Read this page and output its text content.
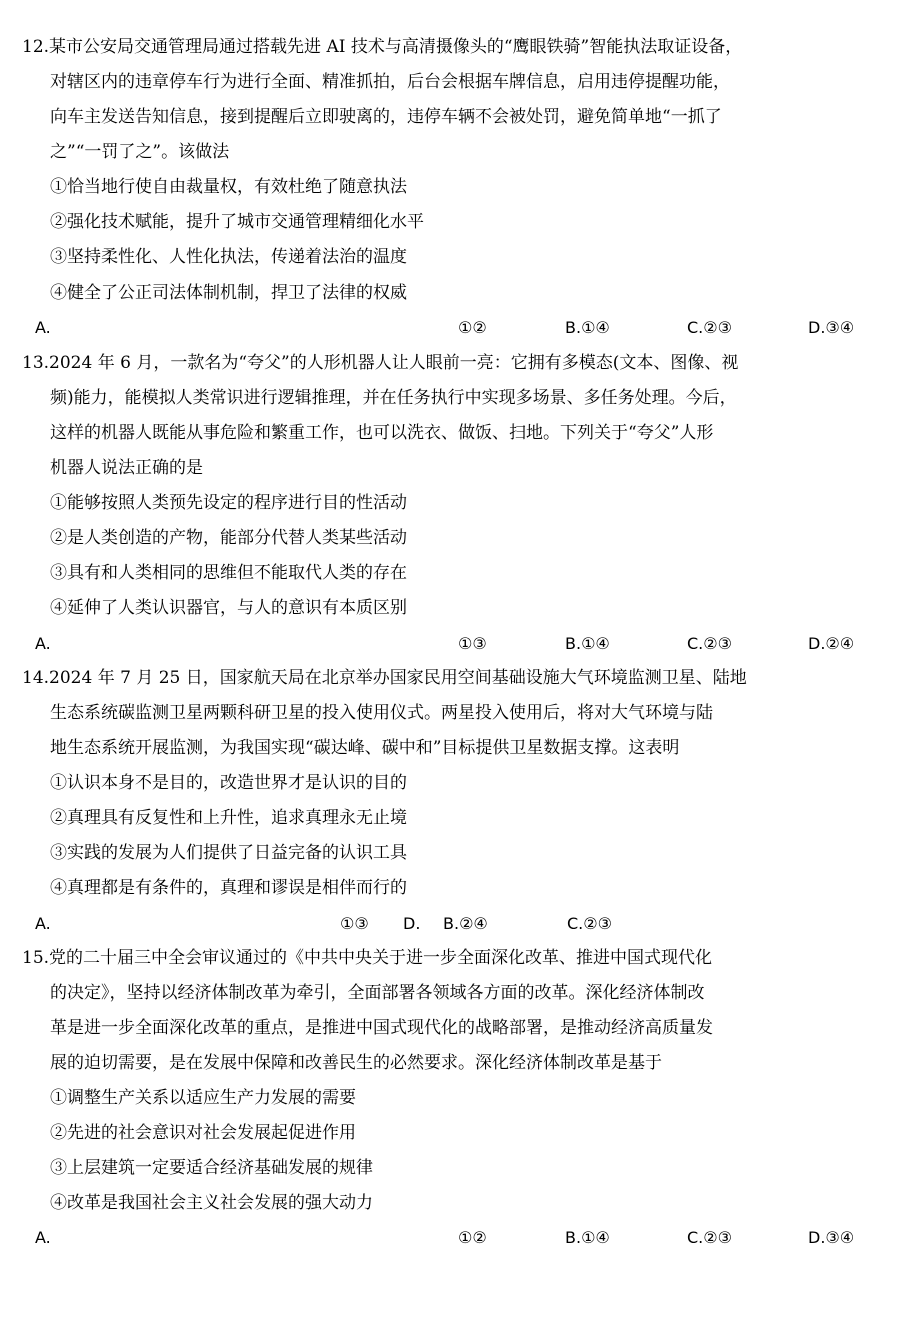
12.某市公安局交通管理局通过搭载先进 AI 技术与高清摄像头的“鹰眼铁骑”智能执法取证设备，
对辖区内的违章停车行为进行全面、精准抓拍，后台会根据车牌信息，启用违停提醒功能，
向车主发送告知信息，接到提醒后立即驶离的，违停车辆不会被处罚，避免简单地“一抓了
之”“一罚了之”。该做法
①恰当地行使自由裁量权，有效杜绝了随意执法
②强化技术赋能，提升了城市交通管理精细化水平
③坚持柔性化、人性化执法，传递着法治的温度
④健全了公正司法体制机制，捍卫了法律的权威
A.	①②	B.①④	C.②③	D.③④
13.2024 年 6 月，一款名为“夸父”的人形机器人让人眼前一亮：它拥有多模态(文本、图像、视
频)能力，能模拟人类常识进行逻辑推理，并在任务执行中实现多场景、多任务处理。今后，
这样的机器人既能从事危险和繁重工作，也可以洗衣、做饭、扫地。下列关于“夸父”人形
机器人说法正确的是
①能够按照人类预先设定的程序进行目的性活动
②是人类创造的产物，能部分代替人类某些活动
③具有和人类相同的思维但不能取代人类的存在
④延伸了人类认识器官，与人的意识有本质区别
A.	①③	B.①④	C.②③	D.②④
14.2024 年 7 月 25 日，国家航天局在北京举办国家民用空间基础设施大气环境监测卫星、陆地
生态系统碳监测卫星两颗科研卫星的投入使用仪式。两星投入使用后，将对大气环境与陆
地生态系统开展监测，为我国实现“碳达峰、碳中和”目标提供卫星数据支撑。这表明
①认识本身不是目的，改造世界才是认识的目的
②真理具有反复性和上升性，追求真理永无止境
③实践的发展为人们提供了日益完备的认识工具
④真理都是有条件的，真理和谬误是相伴而行的
A.	①③ D. B.②④	C.②③
15.党的二十届三中全会审议通过的《中共中央关于进一步全面深化改革、推进中国式现代化
的决定》，坚持以经济体制改革为牵引，全面部署各领域各方面的改革。深化经济体制改
革是进一步全面深化改革的重点，是推进中国式现代化的战略部署，是推动经济高质量发
展的迫切需要，是在发展中保障和改善民生的必然要求。深化经济体制改革是基于
①调整生产关系以适应生产力发展的需要
②先进的社会意识对社会发展起促进作用
③上层建筑一定要适合经济基础发展的规律
④改革是我国社会主义社会发展的强大动力
A.	①②	B.①④	C.②③	D.③④
